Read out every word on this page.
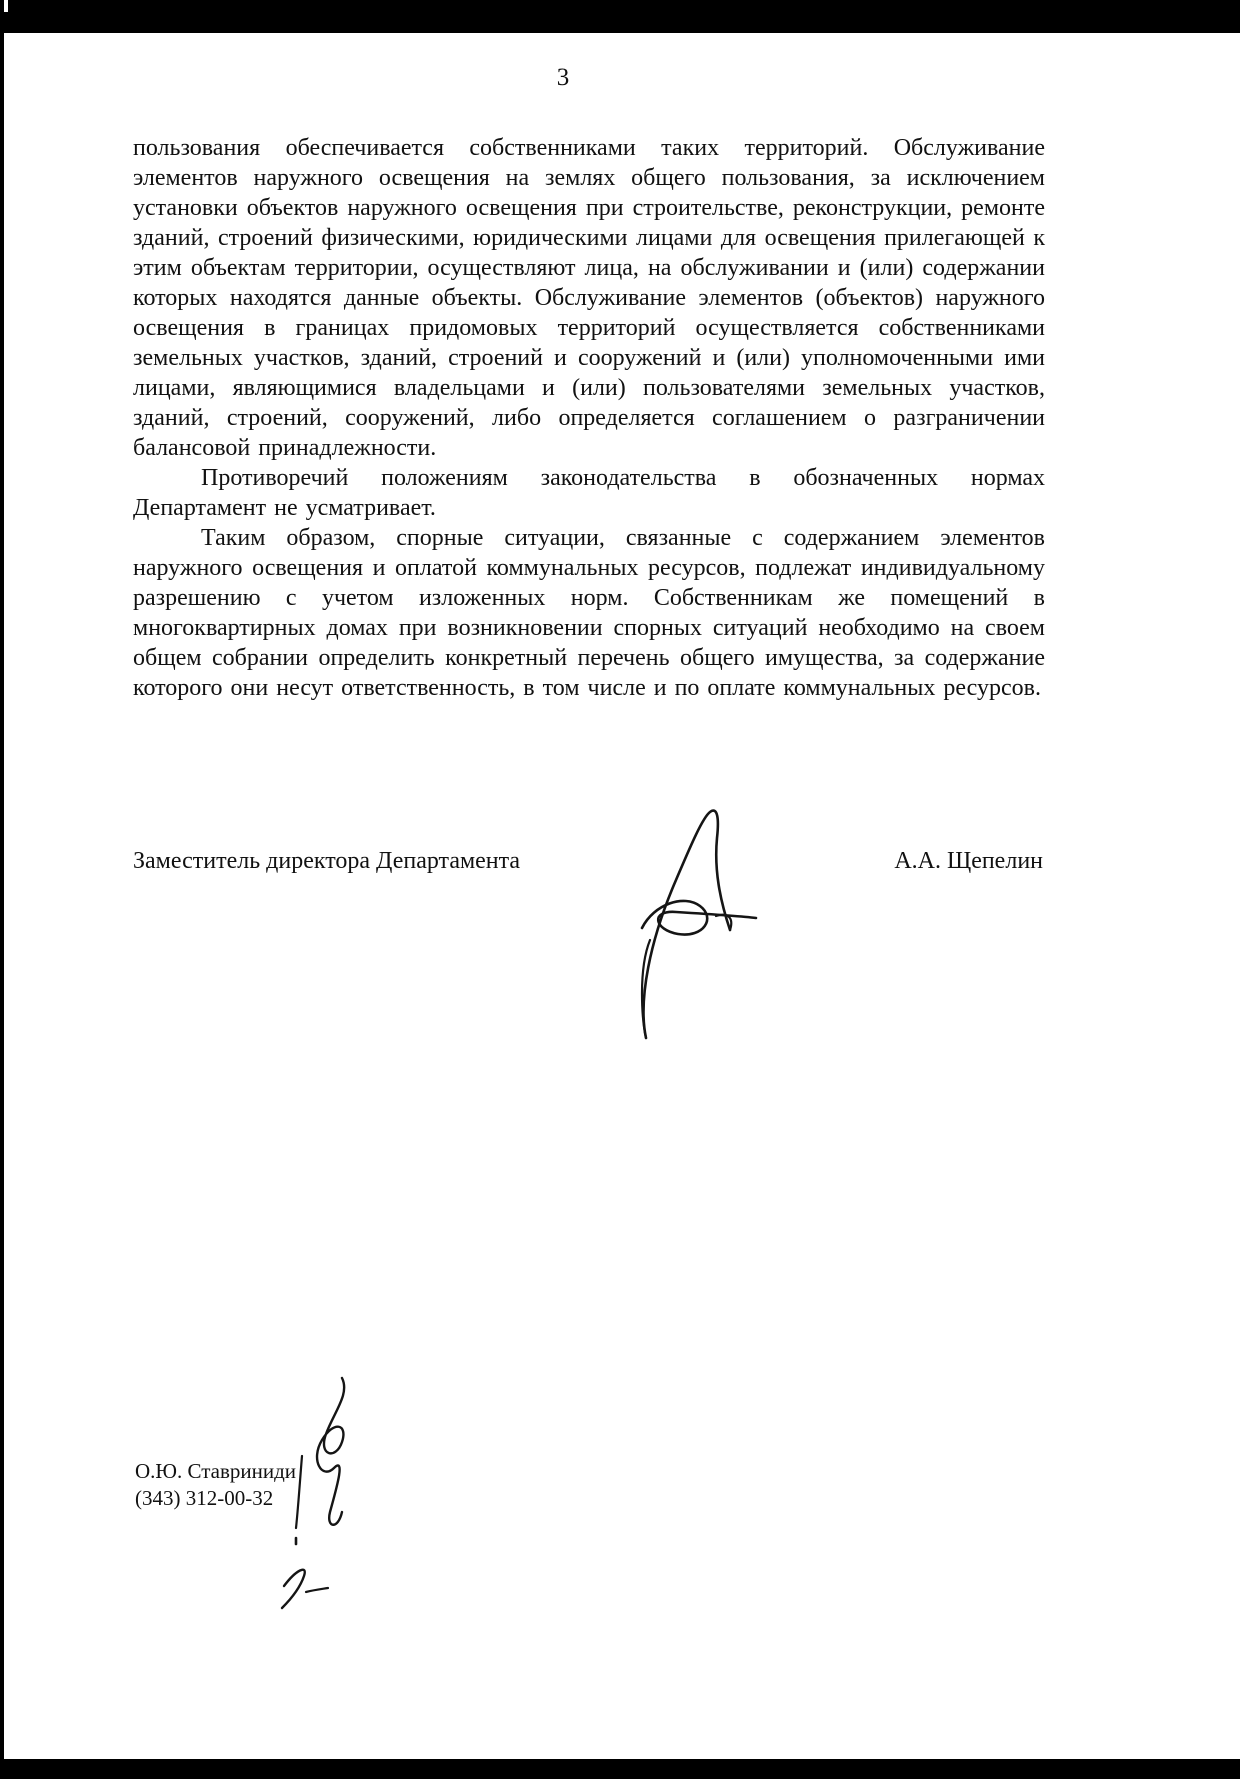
3

пользования обеспечивается собственниками таких территорий. Обслуживание элементов наружного освещения на землях общего пользования, за исключением установки объектов наружного освещения при строительстве, реконструкции, ремонте зданий, строений физическими, юридическими лицами для освещения прилегающей к этим объектам территории, осуществляют лица, на обслуживании и (или) содержании которых находятся данные объекты. Обслуживание элементов (объектов) наружного освещения в границах придомовых территорий осуществляется собственниками земельных участков, зданий, строений и сооружений и (или) уполномоченными ими лицами, являющимися владельцами и (или) пользователями земельных участков, зданий, строений, сооружений, либо определяется соглашением о разграничении балансовой принадлежности.

Противоречий положениям законодательства в обозначенных нормах Департамент не усматривает.

Таким образом, спорные ситуации, связанные с содержанием элементов наружного освещения и оплатой коммунальных ресурсов, подлежат индивидуальному разрешению с учетом изложенных норм. Собственникам же помещений в многоквартирных домах при возникновении спорных ситуаций необходимо на своем общем собрании определить конкретный перечень общего имущества, за содержание которого они несут ответственность, в том числе и по оплате коммунальных ресурсов.

Заместитель директора Департамента	А.А. Щепелин
О.Ю. Ставриниди
(343) 312-00-32
